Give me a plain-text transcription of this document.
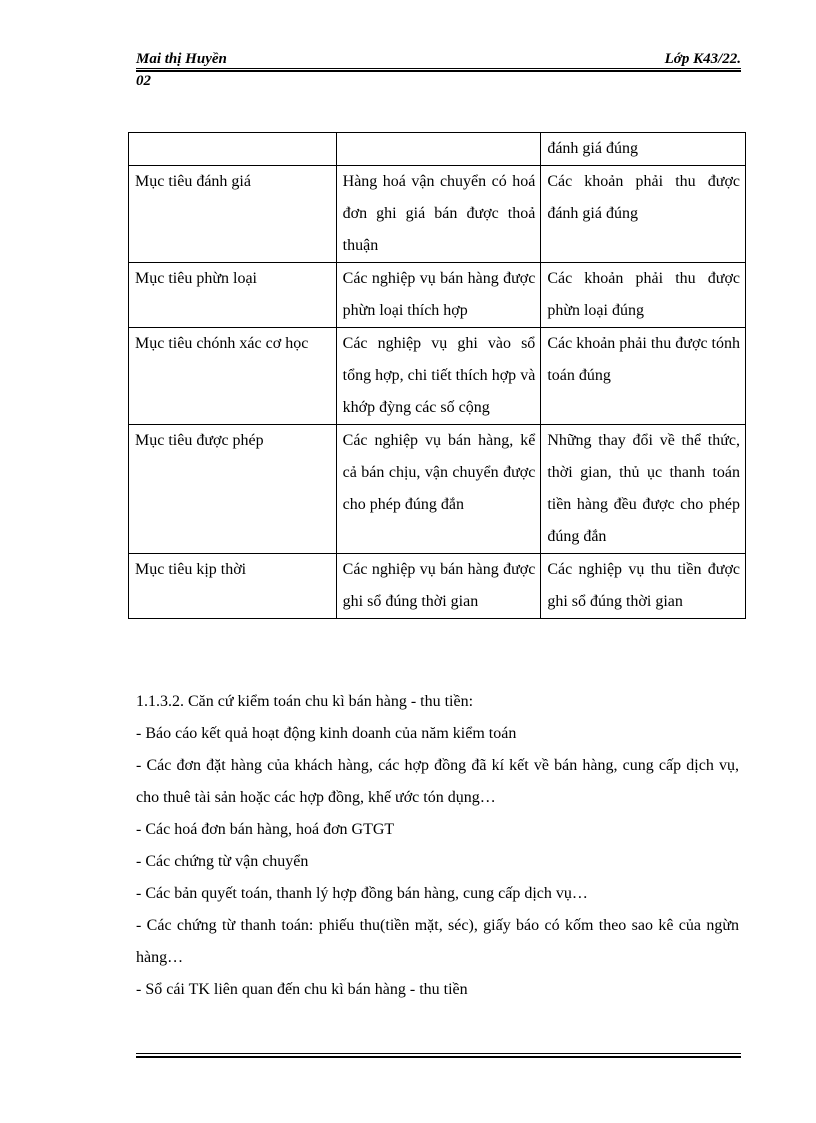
Mai thị Huyền	Lớp K43/22.
02
		đánh giá đúng
Mục tiêu đánh giá	Hàng hoá vận chuyển có hoá đơn ghi giá bán được thoả thuận	Các khoản phải thu được đánh giá đúng
Mục tiêu phừn loại	Các nghiệp vụ bán hàng được phừn loại thích hợp	Các khoản phải thu được phừn loại đúng
Mục tiêu chónh xác cơ học	Các nghiệp vụ ghi vào sổ tổng hợp, chi tiết thích hợp và khớp đỳng các số cộng	Các khoản phải thu được tónh toán đúng
Mục tiêu được phép	Các nghiệp vụ bán hàng, kể cả bán chịu, vận chuyển được cho phép đúng đắn	Những thay đổi về thể thức, thời gian, thủ ục thanh toán tiền hàng đều được cho phép đúng đắn
Mục tiêu kịp thời	Các nghiệp vụ bán hàng được ghi sổ đúng thời gian	Các nghiệp vụ thu tiền được ghi sổ đúng thời gian

1.1.3.2. Căn cứ kiểm toán chu kì bán hàng - thu tiền:

- Báo cáo kết quả hoạt động kinh doanh của năm kiểm toán

- Các đơn đặt hàng của khách hàng, các hợp đồng đã kí kết về bán hàng, cung cấp dịch vụ, cho thuê tài sản hoặc các hợp đồng, khế ước tón dụng…

- Các hoá đơn bán hàng, hoá đơn GTGT

- Các chứng từ vận chuyển

- Các bản quyết toán, thanh lý hợp đồng bán hàng, cung cấp dịch vụ…

- Các chứng từ thanh toán: phiếu thu(tiền mặt, séc), giấy báo có kốm theo sao kê của ngừn hàng…

- Sổ cái TK liên quan đến chu kì bán hàng - thu tiền
